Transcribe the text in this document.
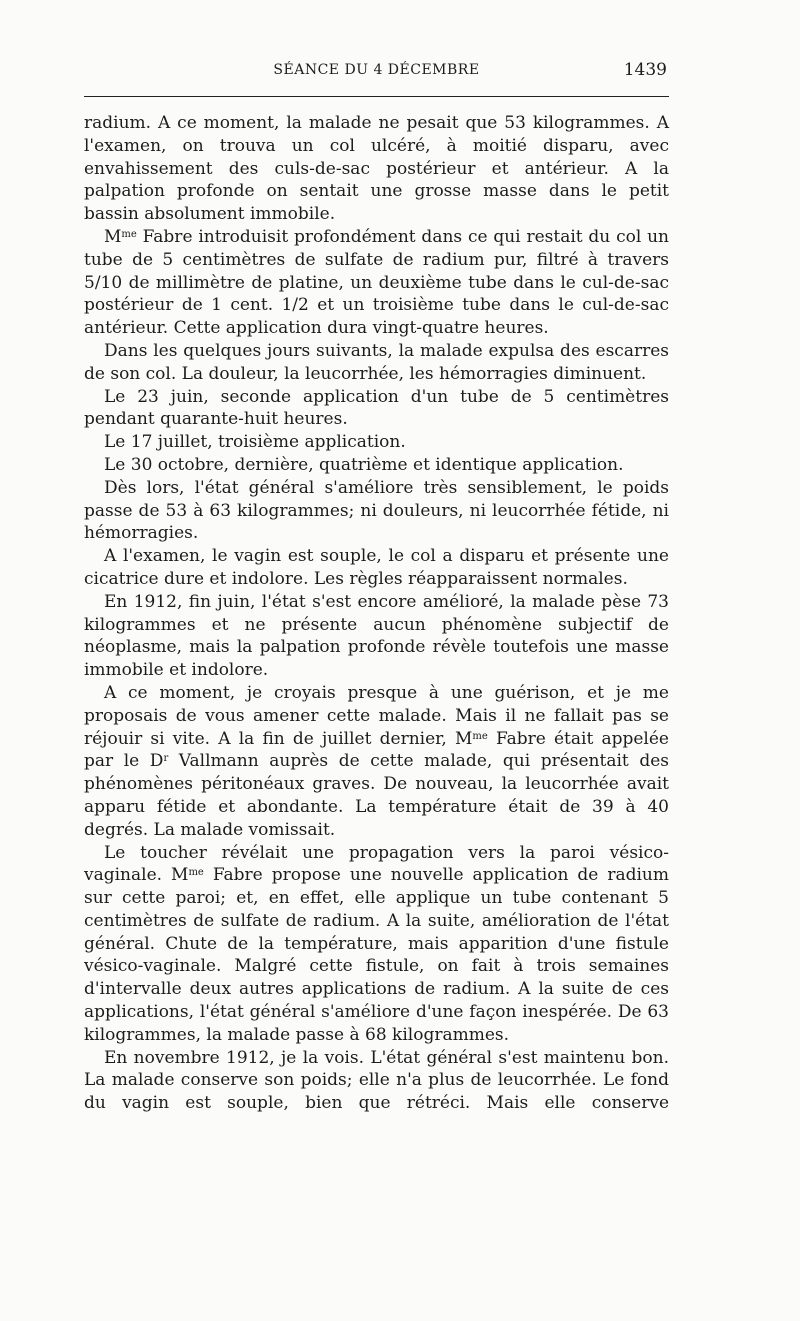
SÉANCE DU 4 DÉCEMBRE	1439

radium. A ce moment, la malade ne pesait que 53 kilogrammes. A l'examen, on trouva un col ulcéré, à moitié disparu, avec envahissement des culs-de-sac postérieur et antérieur. A la palpation profonde on sentait une grosse masse dans le petit bassin absolument immobile.

$M^{me}$ Fabre introduisit profondément dans ce qui restait du col un tube de 5 centimètres de sulfate de radium pur, filtré à travers 5/10 de millimètre de platine, un deuxième tube dans le cul-de-sac postérieur de 1 cent. 1/2 et un troisième tube dans le cul-de-sac antérieur. Cette application dura vingt-quatre heures.

Dans les quelques jours suivants, la malade expulsa des escarres de son col. La douleur, la leucorrhée, les hémorragies diminuent.

Le 23 juin, seconde application d'un tube de 5 centimètres pendant quarante-huit heures.

Le 17 juillet, troisième application.

Le 30 octobre, dernière, quatrième et identique application.

Dès lors, l'état général s'améliore très sensiblement, le poids passe de 53 à 63 kilogrammes; ni douleurs, ni leucorrhée fétide, ni hémorragies.

A l'examen, le vagin est souple, le col a disparu et présente une cicatrice dure et indolore. Les règles réapparaissent normales.

En 1912, fin juin, l'état s'est encore amélioré, la malade pèse 73 kilogrammes et ne présente aucun phénomène subjectif de néoplasme, mais la palpation profonde révèle toutefois une masse immobile et indolore.

A ce moment, je croyais presque à une guérison, et je me proposais de vous amener cette malade. Mais il ne fallait pas se réjouir si vite. A la fin de juillet dernier, $M^{me}$ Fabre était appelée par le $D^r$ Vallmann auprès de cette malade, qui présentait des phénomènes péritonéaux graves. De nouveau, la leucorrhée avait apparu fétide et abondante. La température était de 39 à 40 degrés. La malade vomissait.

Le toucher révélait une propagation vers la paroi vésico-vaginale. $M^{me}$ Fabre propose une nouvelle application de radium sur cette paroi; et, en effet, elle applique un tube contenant 5 centimètres de sulfate de radium. A la suite, amélioration de l'état général. Chute de la température, mais apparition d'une fistule vésico-vaginale. Malgré cette fistule, on fait à trois semaines d'intervalle deux autres applications de radium. A la suite de ces applications, l'état général s'améliore d'une façon inespérée. De 63 kilogrammes, la malade passe à 68 kilogrammes.

En novembre 1912, je la vois. L'état général s'est maintenu bon. La malade conserve son poids; elle n'a plus de leucorrhée. Le fond du vagin est souple, bien que rétréci. Mais elle conserve
